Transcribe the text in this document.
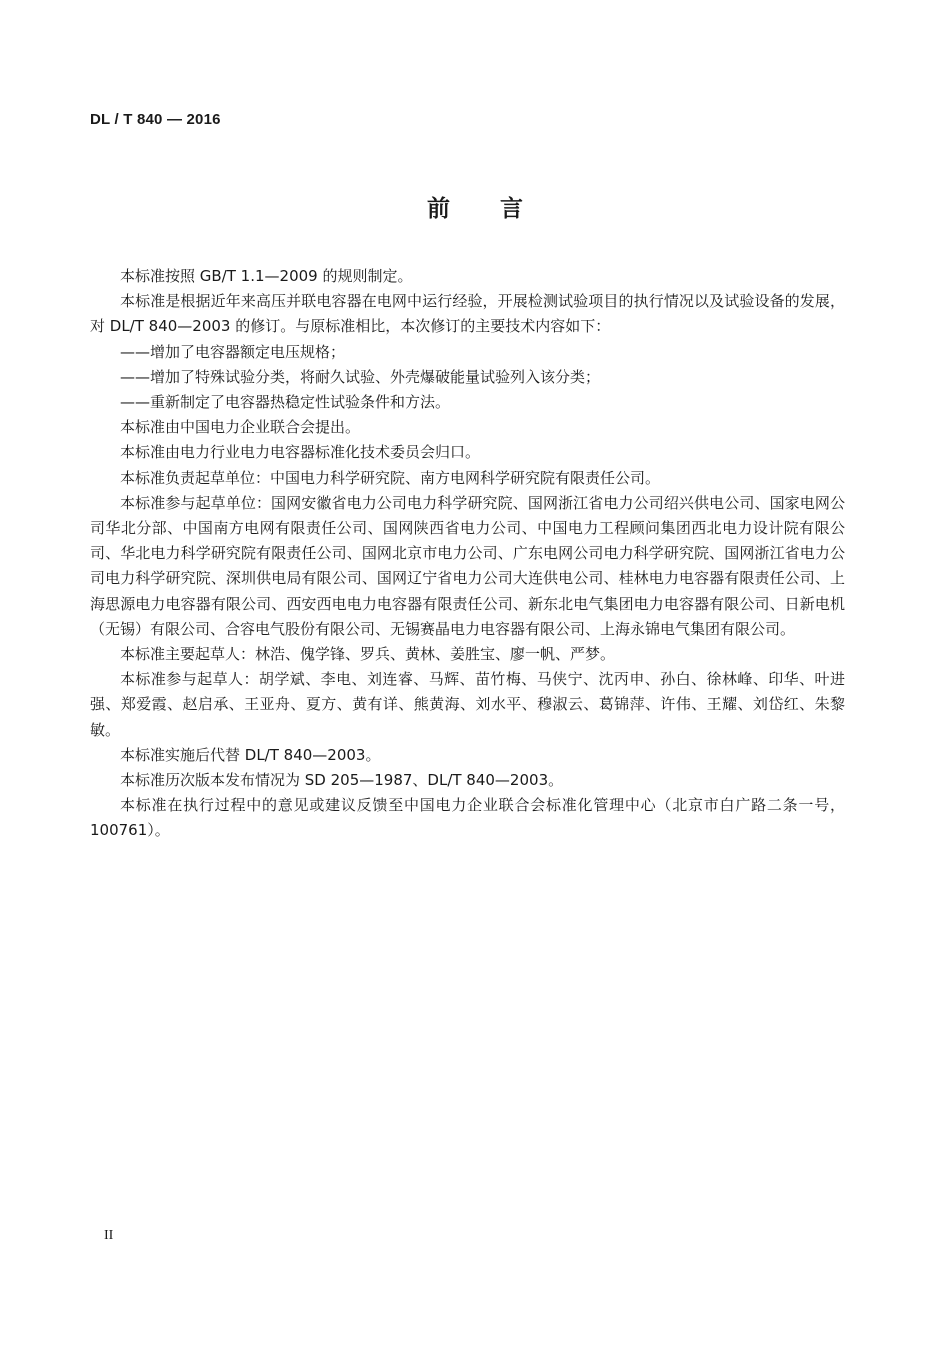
DL / T 840 — 2016
前 言

本标准按照 GB/T 1.1—2009 的规则制定。

本标准是根据近年来高压并联电容器在电网中运行经验，开展检测试验项目的执行情况以及试验设备的发展，对 DL/T 840—2003 的修订。与原标准相比，本次修订的主要技术内容如下：

——增加了电容器额定电压规格；

——增加了特殊试验分类，将耐久试验、外壳爆破能量试验列入该分类；

——重新制定了电容器热稳定性试验条件和方法。

本标准由中国电力企业联合会提出。

本标准由电力行业电力电容器标准化技术委员会归口。

本标准负责起草单位：中国电力科学研究院、南方电网科学研究院有限责任公司。

本标准参与起草单位：国网安徽省电力公司电力科学研究院、国网浙江省电力公司绍兴供电公司、国家电网公司华北分部、中国南方电网有限责任公司、国网陕西省电力公司、中国电力工程顾问集团西北电力设计院有限公司、华北电力科学研究院有限责任公司、国网北京市电力公司、广东电网公司电力科学研究院、国网浙江省电力公司电力科学研究院、深圳供电局有限公司、国网辽宁省电力公司大连供电公司、桂林电力电容器有限责任公司、上海思源电力电容器有限公司、西安西电电力电容器有限责任公司、新东北电气集团电力电容器有限公司、日新电机（无锡）有限公司、合容电气股份有限公司、无锡赛晶电力电容器有限公司、上海永锦电气集团有限公司。

本标准主要起草人：林浩、傀学锋、罗兵、黄林、姜胜宝、廖一帆、严梦。

本标准参与起草人：胡学斌、李电、刘连睿、马辉、苗竹梅、马侠宁、沈丙申、孙白、徐林峰、印华、叶进强、郑爱霞、赵启承、王亚舟、夏方、黄有详、熊黄海、刘水平、穆淑云、葛锦萍、许伟、王耀、刘岱红、朱黎敏。

本标准实施后代替 DL/T 840—2003。

本标准历次版本发布情况为 SD 205—1987、DL/T 840—2003。

本标准在执行过程中的意见或建议反馈至中国电力企业联合会标准化管理中心（北京市白广路二条一号，100761）。

II
